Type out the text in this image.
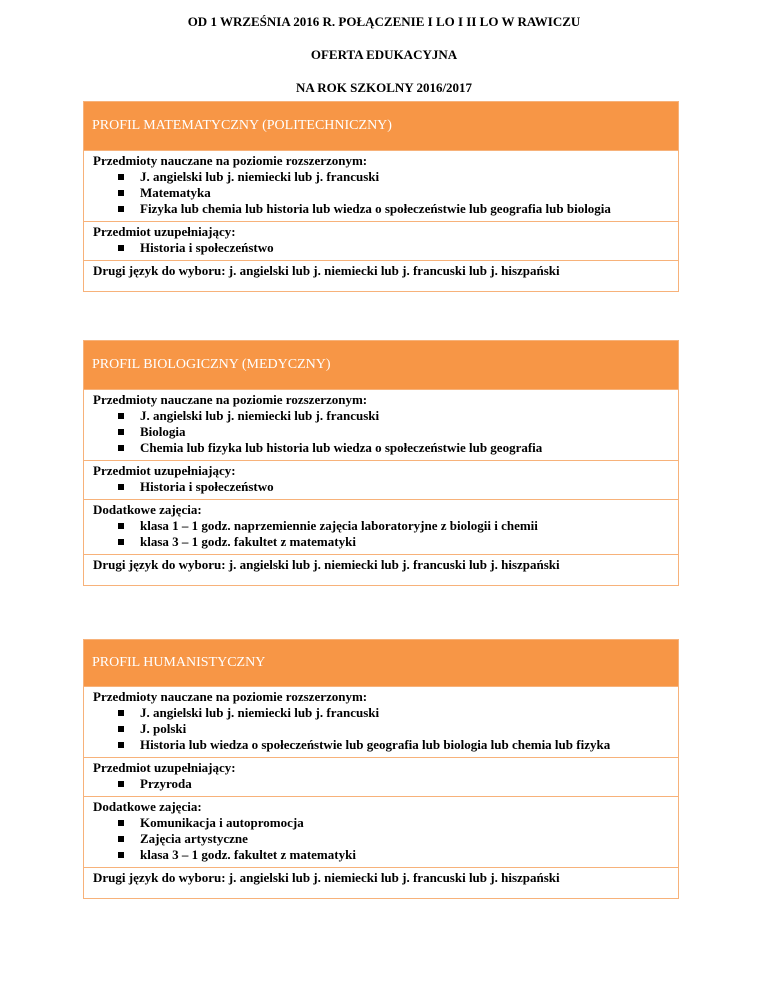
OD 1 WRZEŚNIA 2016 R. POŁĄCZENIE I LO I II LO W RAWICZU
OFERTA EDUKACYJNA
NA ROK SZKOLNY 2016/2017
PROFIL MATEMATYCZNY (POLITECHNICZNY)
Przedmioty nauczane na poziomie rozszerzonym:
J. angielski lub j. niemiecki lub j. francuski
Matematyka
Fizyka lub chemia lub historia lub wiedza o społeczeństwie lub geografia lub biologia
Przedmiot uzupełniający:
Historia i społeczeństwo
Drugi język do wyboru: j. angielski lub j. niemiecki lub j. francuski lub j. hiszpański
PROFIL BIOLOGICZNY (MEDYCZNY)
Przedmioty nauczane na poziomie rozszerzonym:
J. angielski lub j. niemiecki lub j. francuski
Biologia
Chemia lub fizyka lub historia lub wiedza o społeczeństwie lub geografia
Przedmiot uzupełniający:
Historia i społeczeństwo
Dodatkowe zajęcia:
klasa 1 – 1 godz. naprzemiennie zajęcia laboratoryjne z biologii i chemii
klasa 3 – 1 godz. fakultet z matematyki
Drugi język do wyboru: j. angielski lub j. niemiecki lub j. francuski lub j. hiszpański
PROFIL HUMANISTYCZNY
Przedmioty nauczane na poziomie rozszerzonym:
J. angielski lub j. niemiecki lub j. francuski
J. polski
Historia lub wiedza o społeczeństwie lub geografia lub biologia lub chemia lub fizyka
Przedmiot uzupełniający:
Przyroda
Dodatkowe zajęcia:
Komunikacja i autopromocja
Zajęcia artystyczne
klasa 3 – 1 godz. fakultet z matematyki
Drugi język do wyboru: j. angielski lub j. niemiecki lub j. francuski lub j. hiszpański
